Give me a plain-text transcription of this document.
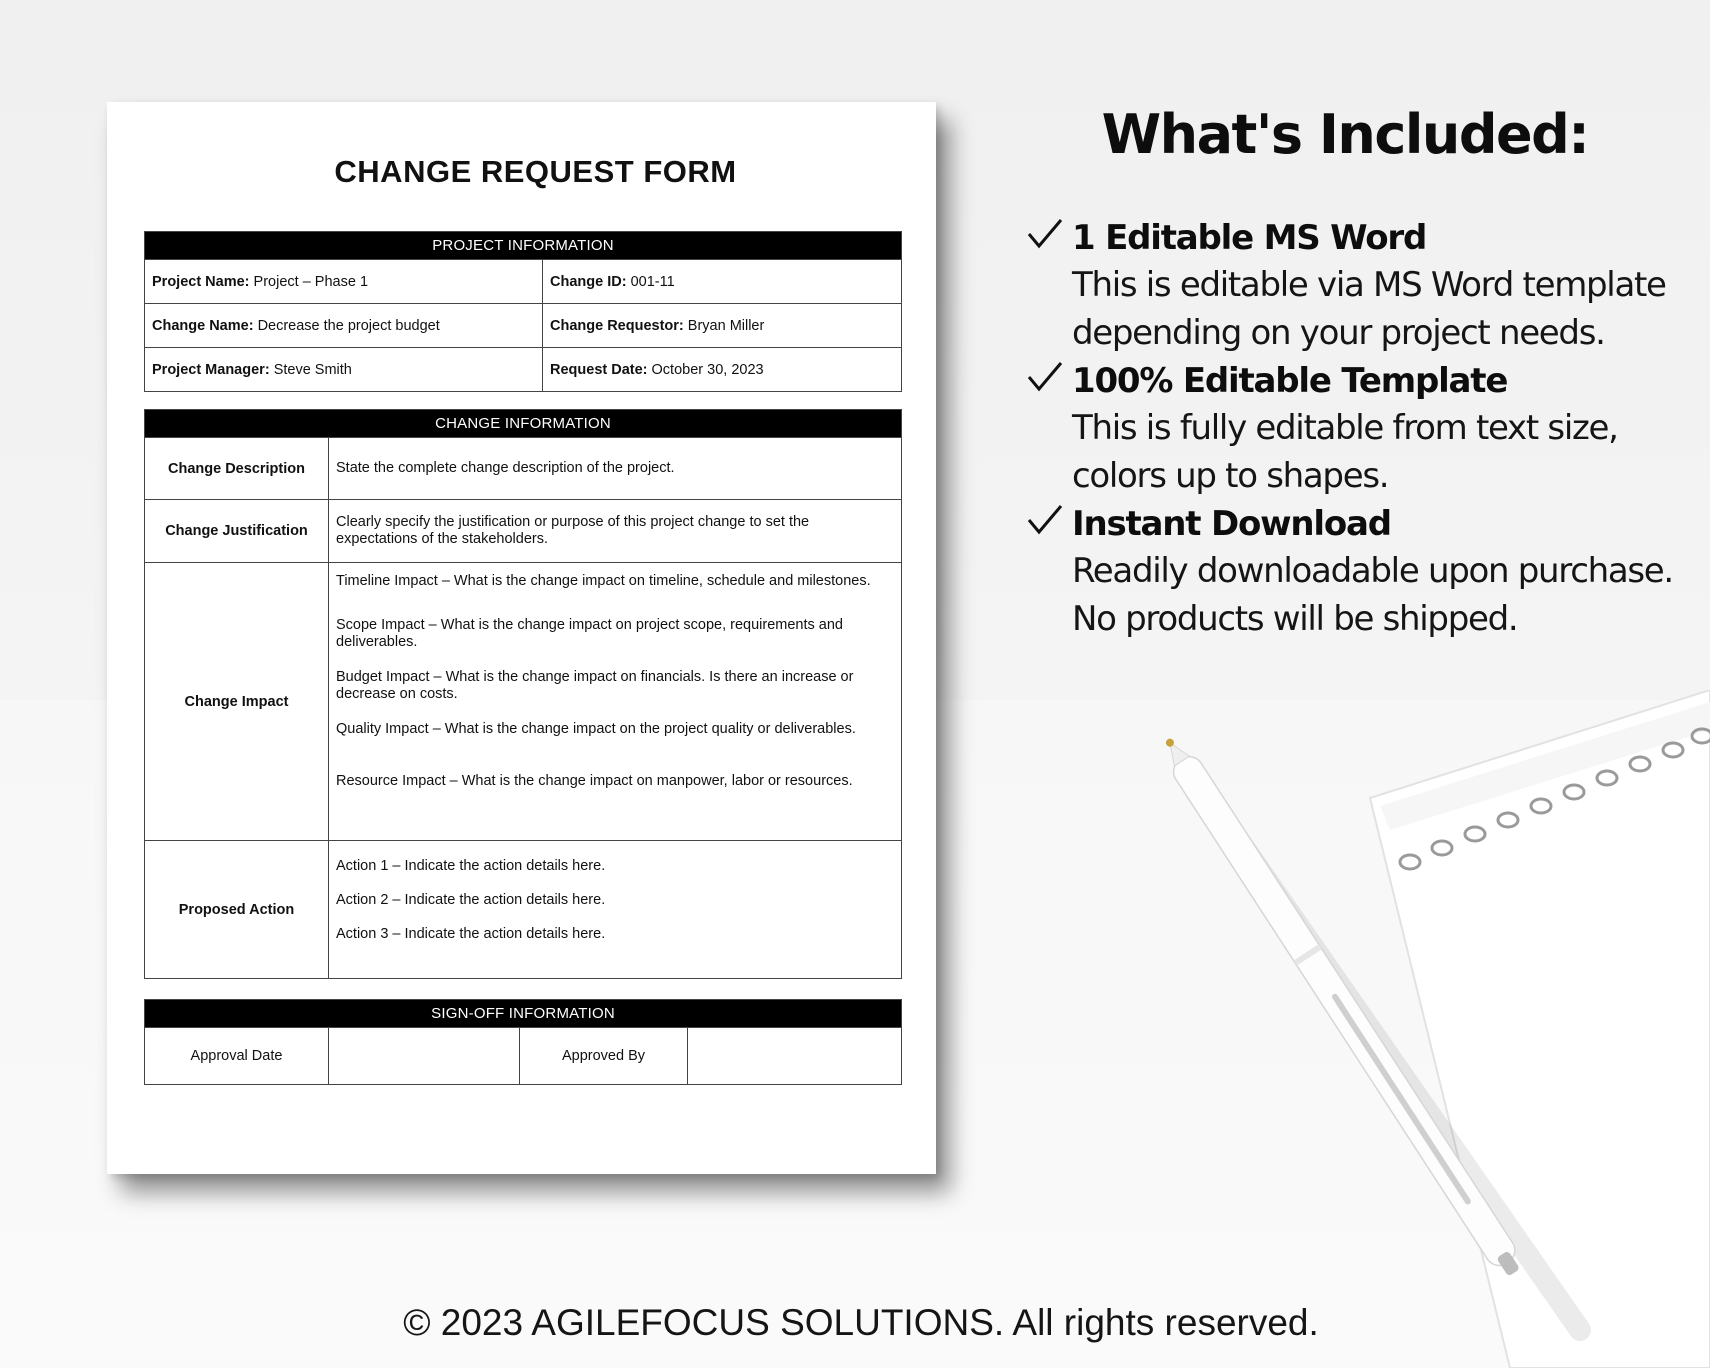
CHANGE REQUEST FORM
PROJECT INFORMATION	
Project Name: Project – Phase 1	Change ID: 001-11
Change Name: Decrease the project budget	Change Requestor: Bryan Miller
Project Manager: Steve Smith	Request Date: October 30, 2023
CHANGE INFORMATION	
Change Description	State the complete change description of the project.
Change Justification	Clearly specify the justification or purpose of this project change to set the expectations of the stakeholders.
Change Impact	Timeline Impact – What is the change impact on timeline, schedule and milestones.

Scope Impact – What is the change impact on project scope, requirements and deliverables.

Budget Impact – What is the change impact on financials. Is there an increase or decrease on costs.

Quality Impact – What is the change impact on the project quality or deliverables.

Resource Impact – What is the change impact on manpower, labor or resources.

Proposed Action	Action 1 – Indicate the action details here.

Action 2 – Indicate the action details here.

Action 3 – Indicate the action details here.

SIGN-OFF INFORMATION
Approval Date		Approved By	
What's Included:
1 Editable MS Word
This is editable via MS Word template depending on your project needs.
100% Editable Template
This is fully editable from text size, colors up to shapes.
Instant Download
Readily downloadable upon purchase. No products will be shipped.
© 2023 AGILEFOCUS SOLUTIONS. All rights reserved.
